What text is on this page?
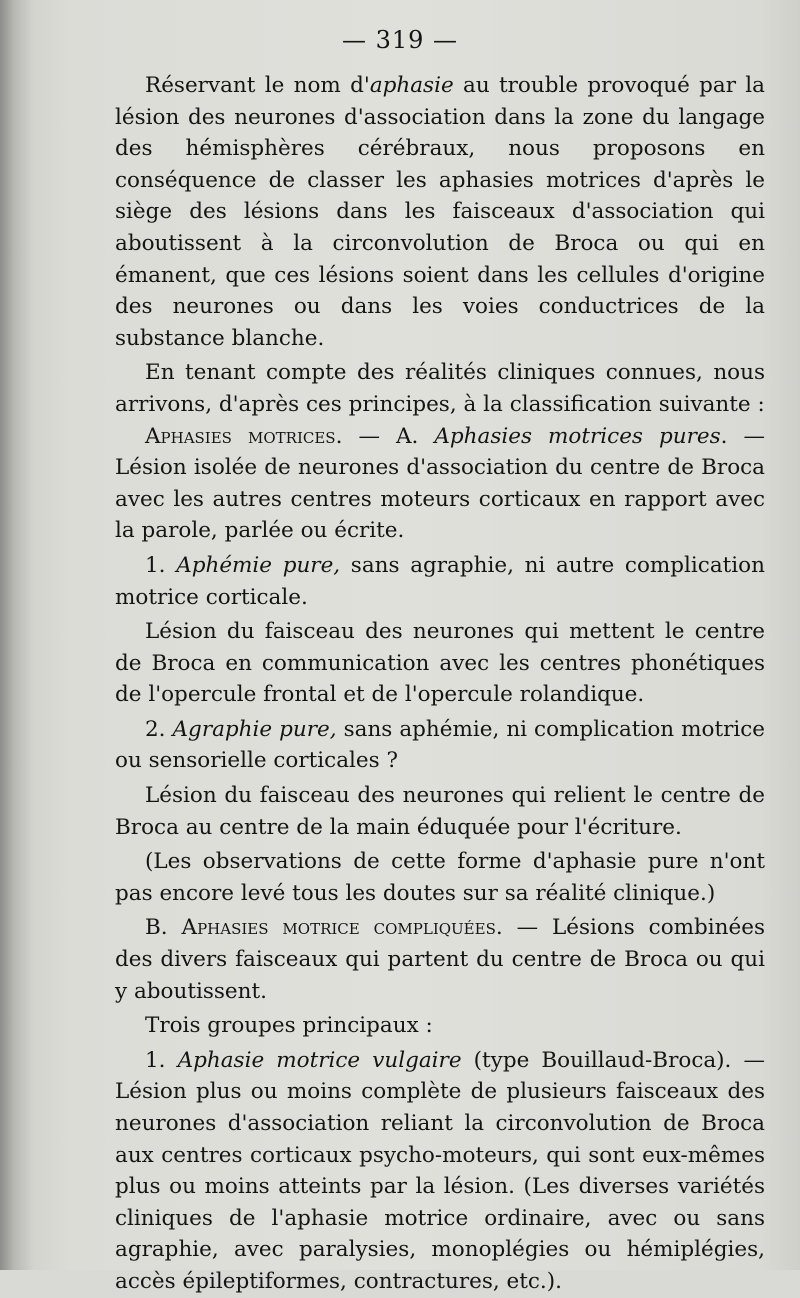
— 319 —

Réservant le nom d'aphasie au trouble provoqué par la lésion des neurones d'association dans la zone du langage des hémisphères cérébraux, nous proposons en conséquence de classer les aphasies motrices d'après le siège des lésions dans les faisceaux d'association qui aboutissent à la circonvolution de Broca ou qui en émanent, que ces lésions soient dans les cellules d'origine des neurones ou dans les voies conductrices de la substance blanche.

En tenant compte des réalités cliniques connues, nous arrivons, d'après ces principes, à la classification suivante :

Aphasies motrices. — A. Aphasies motrices pures. — Lésion isolée de neurones d'association du centre de Broca avec les autres centres moteurs corticaux en rapport avec la parole, parlée ou écrite.

1. Aphémie pure, sans agraphie, ni autre complication motrice corticale.

Lésion du faisceau des neurones qui mettent le centre de Broca en communication avec les centres phonétiques de l'opercule frontal et de l'opercule rolandique.

2. Agraphie pure, sans aphémie, ni complication motrice ou sensorielle corticales ?

Lésion du faisceau des neurones qui relient le centre de Broca au centre de la main éduquée pour l'écriture.

(Les observations de cette forme d'aphasie pure n'ont pas encore levé tous les doutes sur sa réalité clinique.)

B. Aphasies motrice compliquées. — Lésions combinées des divers faisceaux qui partent du centre de Broca ou qui y aboutissent.

Trois groupes principaux :

1. Aphasie motrice vulgaire (type Bouillaud-Broca). — Lésion plus ou moins complète de plusieurs faisceaux des neurones d'association reliant la circonvolution de Broca aux centres corticaux psycho-moteurs, qui sont eux-mêmes plus ou moins atteints par la lésion. (Les diverses variétés cliniques de l'aphasie motrice ordinaire, avec ou sans agraphie, avec paralysies, monoplégies ou hémiplégies, accès épileptiformes, contractures, etc.).
